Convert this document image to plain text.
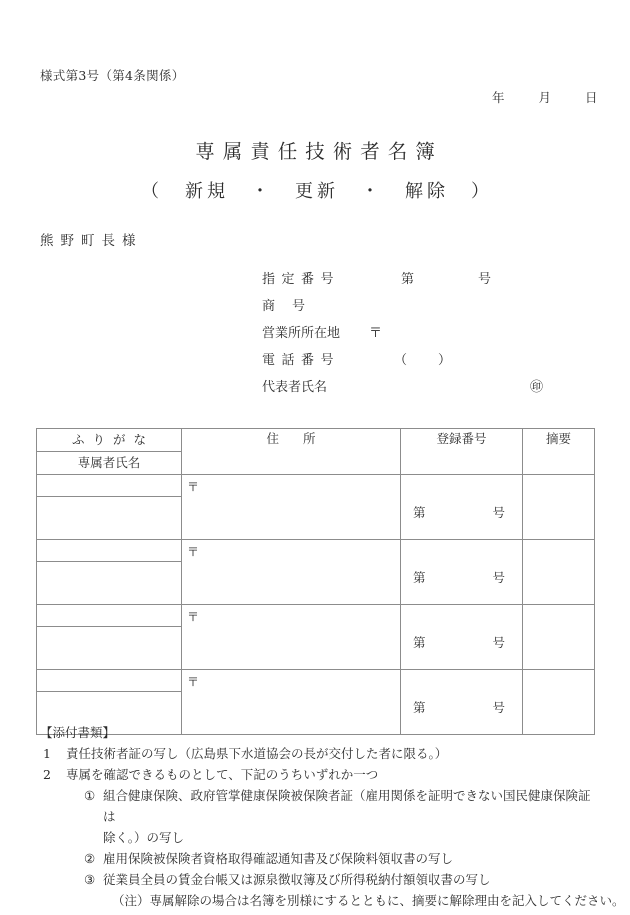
様式第3号（第4条関係）
年	月	日
専属責任技術者名簿
（　新規　・　更新　・　解除　）
熊野町長様
指定番号	第	号
商号
営業所所在地 〒
電話番号	（ ）
代表者氏名	㊞
ふりがな	住所	登録番号	摘要
専属者氏名			

	〒	第 号	

	〒	第 号	

	〒	第 号	

	〒	第 号	

【添付書類】
1 責任技術者証の写し（広島県下水道協会の長が交付した者に限る。）
2 専属を確認できるものとして、下記のうちいずれか一つ
① 組合健康保険、政府管掌健康保険被保険者証（雇用関係を証明できない国民健康保険証は
除く。）の写し
② 雇用保険被保険者資格取得確認通知書及び保険料領収書の写し
③ 従業員全員の賃金台帳又は源泉徴収簿及び所得税納付額領収書の写し
（注）専属解除の場合は名簿を別様にするとともに、摘要に解除理由を記入してください。
